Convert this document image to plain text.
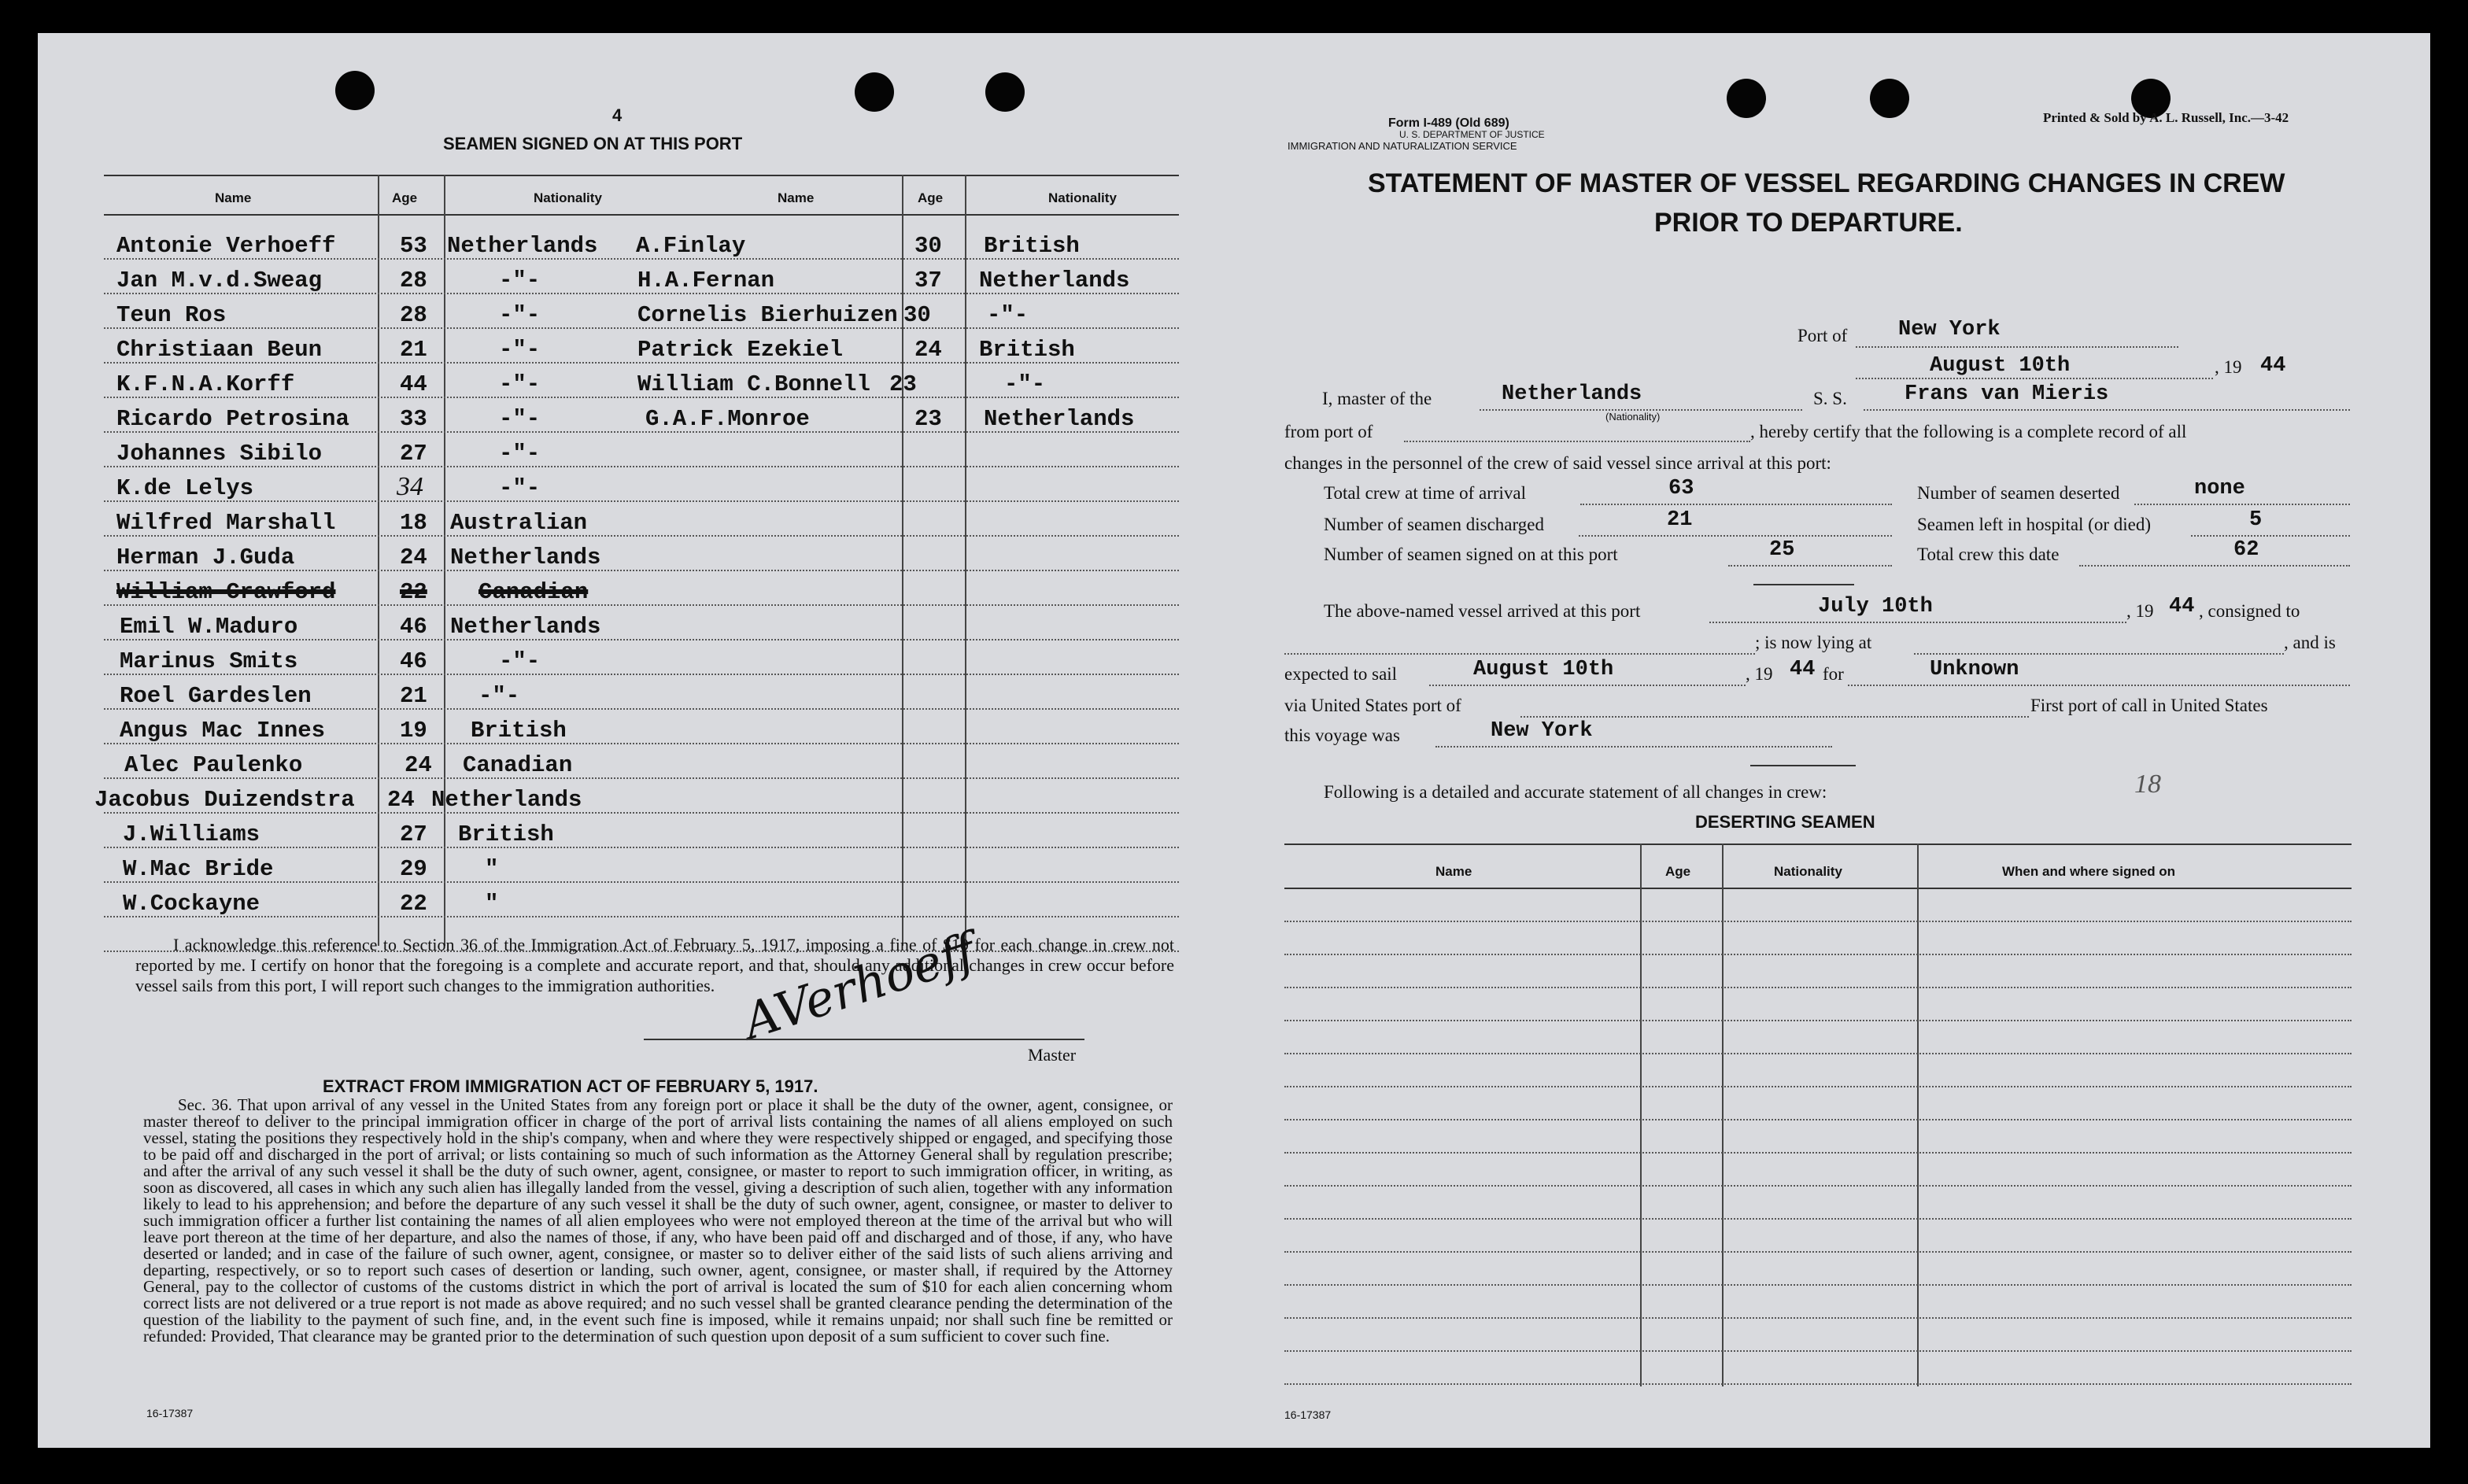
4
SEAMEN SIGNED ON AT THIS PORT
Name	Age	Nationality	Name	Age	Nationality
Antonie Verhoeff	53 Netherlands
Jan M.v.d.Sweag	28	-"-
Teun Ros	28	-"-
Christiaan Beun	21	-"-
K.F.N.A.Korff	44	-"-
Ricardo Petrosina 33	-"-
Johannes Sibilo	27	-"-
K.de Lelys	34	-"-
Wilfred Marshall	18 Australian
Herman J.Guda	24 Netherlands
William Crawford	22 Canadian
Emil W.Maduro	46 Netherlands
Marinus Smits	46	-"-
Roel Gardeslen	21 -"-
Angus Mac Innes	19 British
Alec Paulenko	24 Canadian
Jacobus Duizendstra 24 Netherlands
J.Williams	27 British
W.Mac Bride	29	"
W.Cockayne	22	"
A.Finlay	30 British
H.A.Fernan	37 Netherlands
Cornelis Bierhuizen 30 -"-
Patrick Ezekiel	24 British
William C.Bonnell 23	-"-
G.A.F.Monroe	23 Netherlands
I acknowledge this reference to Section 36 of the Immigration Act of February 5, 1917, imposing a fine of $10 for each change in crew not reported by me. I certify on honor that the foregoing is a complete and accurate report, and that, should any additional changes in crew occur before vessel sails from this port, I will report such changes to the immigration authorities. AVerhoeff
Master
EXTRACT FROM IMMIGRATION ACT OF FEBRUARY 5, 1917.
Sec. 36. That upon arrival of any vessel in the United States from any foreign port or place it shall be the duty of the owner, agent, consignee, or master thereof to deliver to the principal immigration officer in charge of the port of arrival lists containing the names of all aliens employed on such vessel, stating the positions they respectively hold in the ship's company, when and where they were respectively shipped or engaged, and specifying those to be paid off and discharged in the port of arrival; or lists containing so much of such information as the Attorney General shall by regulation prescribe; and after the arrival of any such vessel it shall be the duty of such owner, agent, consignee, or master to report to such immigration officer, in writing, as soon as discovered, all cases in which any such alien has illegally landed from the vessel, giving a description of such alien, together with any information likely to lead to his apprehension; and before the departure of any such vessel it shall be the duty of such owner, agent, consignee, or master to deliver to such immigration officer a further list containing the names of all alien employees who were not employed thereon at the time of the arrival but who will leave port thereon at the time of her departure, and also the names of those, if any, who have been paid off and discharged and of those, if any, who have deserted or landed; and in case of the failure of such owner, agent, consignee, or master so to deliver either of the said lists of such aliens arriving and departing, respectively, or so to report such cases of desertion or landing, such owner, agent, consignee, or master shall, if required by the Attorney General, pay to the collector of customs of the customs district in which the port of arrival is located the sum of $10 for each alien concerning whom correct lists are not delivered or a true report is not made as above required; and no such vessel shall be granted clearance pending the determination of the question of the liability to the payment of such fine, and, in the event such fine is imposed, while it remains unpaid; nor shall such fine be remitted or refunded: Provided, That clearance may be granted prior to the determination of such question upon deposit of a sum sufficient to cover such fine.
16-17387
Form I-489 (Old 689)
U. S. DEPARTMENT OF JUSTICE
IMMIGRATION AND NATURALIZATION SERVICE
Printed & Sold by A. L. Russell, Inc.—3-42
STATEMENT OF MASTER OF VESSEL REGARDING CHANGES IN CREW
PRIOR TO DEPARTURE.
Port of New York
August 10th	, 19 44
I, master of the	Netherlands
(Nationality)
S. S.	Frans van Mieris
from port of	, hereby certify that the following is a complete record of all
changes in the personnel of the crew of said vessel since arrival at this port:
Total crew at time of arrival	63	Number of seamen deserted	none
Number of seamen discharged	21	Seamen left in hospital (or died)	5
Number of seamen signed on at this port	25	Total crew this date	62
The above-named vessel arrived at this port	July 10th	, 19 44 , consigned to
; is now lying at	, and is
expected to sail	August 10th	, 19 44 for	Unknown
via United States port of	First port of call in United States
this voyage was	New York
Following is a detailed and accurate statement of all changes in crew:	18
DESERTING SEAMEN
Name	Age	Nationality	When and where signed on
16-17387
